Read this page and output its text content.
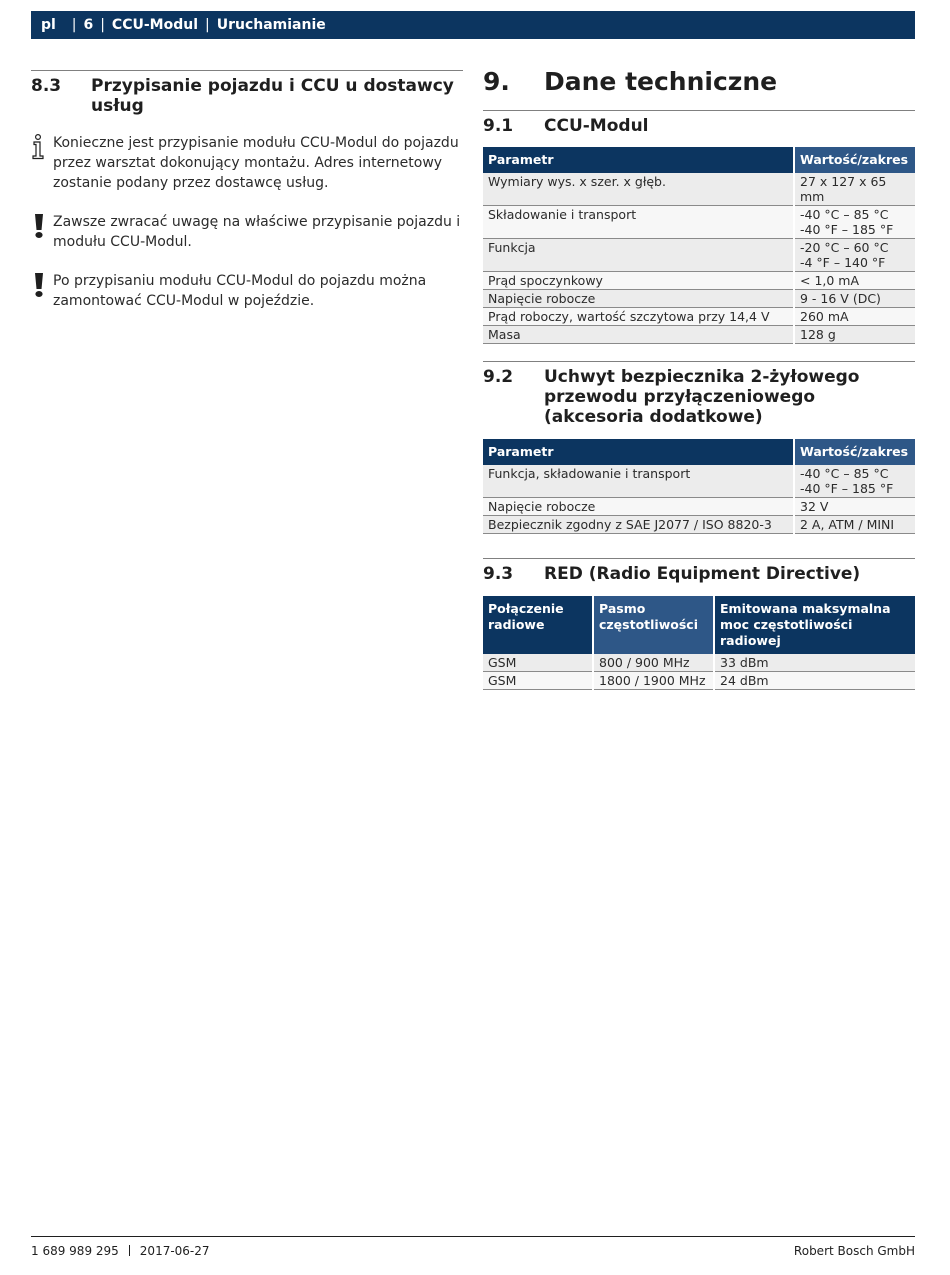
pl | 6 | CCU-Modul | Uruchamianie
8.3	Przypisanie pojazdu i CCU u dostawcy usług

Konieczne jest przypisanie modułu CCU-Modul do pojazdu przez warsztat dokonujący montażu. Adres internetowy zostanie podany przez dostawcę usług.

Zawsze zwracać uwagę na właściwe przypisanie pojazdu i modułu CCU-Modul.

Po przypisaniu modułu CCU-Modul do pojazdu można zamontować CCU-Modul w pojeździe.

9.	Dane techniczne
9.1	CCU-Modul
Parametr	Wartość/zakres
Wymiary wys. x szer. x głęb.	27 x 127 x 65 mm
Składowanie i transport	-40 °C – 85 °C
-40 °F – 185 °F
Funkcja	-20 °C – 60 °C
-4 °F – 140 °F
Prąd spoczynkowy	< 1,0 mA
Napięcie robocze	9 - 16 V (DC)
Prąd roboczy, wartość szczytowa przy 14,4 V	260 mA
Masa	128 g
9.2	Uchwyt bezpiecznika 2-żyłowego przewodu przyłączeniowego (akcesoria dodatkowe)
Parametr	Wartość/zakres
Funkcja, składowanie i transport	-40 °C – 85 °C
-40 °F – 185 °F
Napięcie robocze	32 V
Bezpiecznik zgodny z SAE J2077 / ISO 8820-3	2 A, ATM / MINI
9.3	RED (Radio Equipment Directive)
Połączenie radiowe	Pasmo częstotliwości	Emitowana maksymalna moc częstotliwości radiowej
GSM	800 / 900 MHz	33 dBm
GSM	1800 / 1900 MHz	24 dBm
1 689 989 295 2017-06-27	Robert Bosch GmbH
